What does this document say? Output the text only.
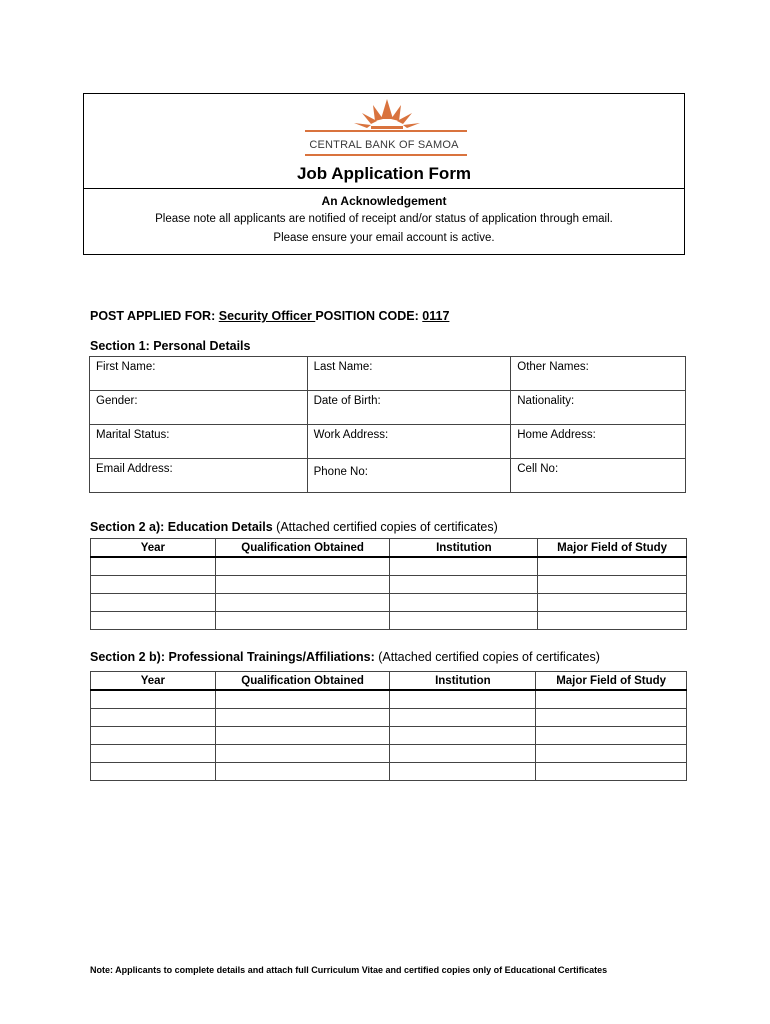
CENTRAL BANK OF SAMOA
Job Application Form
An Acknowledgement
Please note all applicants are notified of receipt and/or status of application through email.
Please ensure your email account is active.
POST APPLIED FOR: Security Officer POSITION CODE: 0117
Section 1: Personal Details
First Name:	Last Name:	Other Names:
Gender:	Date of Birth:	Nationality:
Marital Status:	Work Address:	Home Address:
Email Address:	Phone No:	Cell No:
Section 2 a): Education Details (Attached certified copies of certificates)
Year	Qualification Obtained	Institution	Major Field of Study

Section 2 b): Professional Trainings/Affiliations: (Attached certified copies of certificates)
Year	Qualification Obtained	Institution	Major Field of Study

Note: Applicants to complete details and attach full Curriculum Vitae and certified copies only of Educational Certificates
